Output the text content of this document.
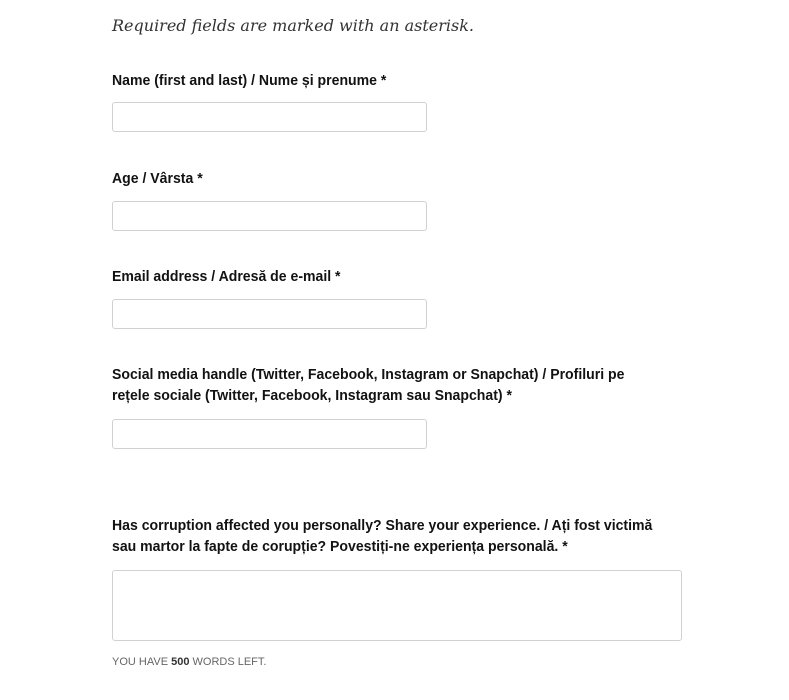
Required fields are marked with an asterisk.
Name (first and last) / Nume și prenume *
Age / Vârsta *
Email address / Adresă de e-mail *
Social media handle (Twitter, Facebook, Instagram or Snapchat) / Profiluri pe rețele sociale (Twitter, Facebook, Instagram sau Snapchat) *
Has corruption affected you personally? Share your experience. / Ați fost victimă sau martor la fapte de corupție? Povestiți-ne experiența personală. *
YOU HAVE 500 WORDS LEFT.
